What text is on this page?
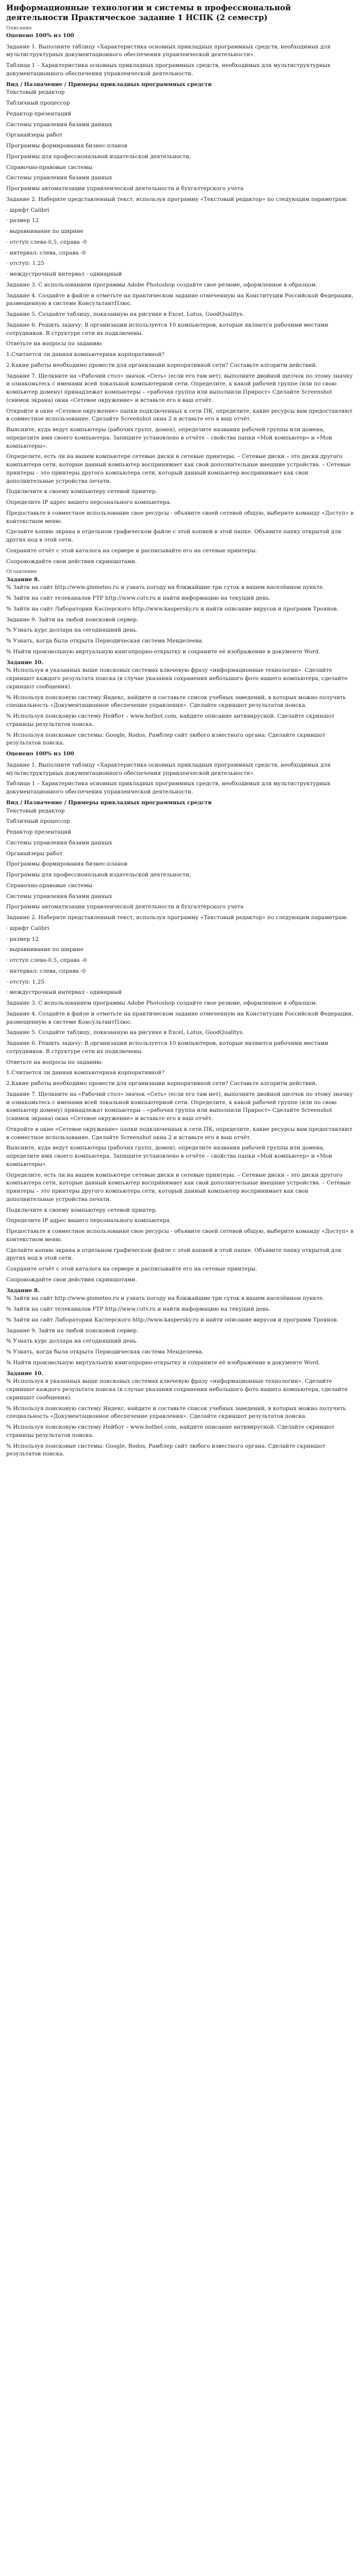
Информационные технологии и системы в профессиональной деятельности Практическое задание 1 НСПК (2 семестр)
Описание
Оценено 100% из 100

Задание 1. Выполните таблицу «Характеристика основных прикладных программных средств, необходимых для мультиструктурных документационного обеспечения управленческой деятельности».

Таблица 1 – Характеристика основных прикладных программных средств, необходимых для мультиструктурных документационного обеспечения управленческой деятельности.

Вид / Назначение / Примеры прикладных программных средств

Текстовый редактор

Табличный процессор

Редактор презентаций

Системы управления базами данных

Органайзеры работ

Программы формирования бизнес-планов

Программы для профессиональной издательской деятельности,

Справочно-правовые системы

Системы управления базами данных

Программы автоматизации управленческой деятельности и бухгалтерского учета

Задание 2. Наберите представленный текст, используя программу «Текстовый редактор» по следующим параметрам:

· шрифт Calibri

· размер 12

· выравнивание по ширине

· отступ слева-0,5, справа -0

· интервал: слева, справа -0

· отступ: 1,25

· междустрочный интервал - одинарный

Задание 3. С использованием программы Adobe Photoshop создайте свое резюме, оформленное в образцом.

Задание 4. Создайте в файле и отметьте на практическом задание отмеченную на Конституции Российской Федерации, размещенную в системе КонсультантПлюс.

Задание 5. Создайте таблицу, показанную на рисунке в Excel, Lotus, GoodQualitys.

Задание 6. Решить задачу: В организации используется 10 компьютеров, которые являются рабочими местами сотрудников. В структуре сети их подключены.

Ответьте на вопросы по заданию:

1.Считается ли данная компьютерная корпоративной?

2.Какие работы необходимо провести для организации корпоративной сети? Составьте алгоритм действий.

Задание 7. Щелкните на «Рабочий стол» значок «Сеть» (если его там нет), выполните двойной щелчок по этому значку и ознакомьтесь с именами всей локальной компьютерной сети. Определите, к какой рабочей группе (или по свою компьютер домену) принадлежат компьютеры – «рабочая группа или выполнили Прирост» Сделайте Screenshot (снимок экрана) окна «Сетевое окружение» и вставьте его в ваш отчёт.

Откройте в окне «Сетевое окружение» папки подключенных к сети ПК, определите, какие ресурсы вам предоставляют в совместное использование. Сделайте Screenshot окна 2 и вставьте его в ваш отчёт.

Выясните, куда ведут компьютеры (рабочих групп, домен), определите названия рабочей группы или домена, определите имя своего компьютера. Запишите установлено в отчёте – свойства папки «Мой компьютер» и «Мои компьютеры».

Определите, есть ли на вашем компьютере сетевые диски и сетевые принтеры. – Сетевые диски – это диски другого компьютера сети, которые данный компьютер воспринимает как свой дополнительные внешние устройства. – Сетевые принтеры – это принтеры другого компьютера сети, который данный компьютер воспринимает как свои дополнительные устройства печати.

Подключите к своему компьютеру сетевой принтер.

Определите IP адрес вашего персонального компьютера.

Предоставьте в совместное использование свое ресурсы - объявите своей сетевой общую, выберите команду «Доступ» в контекстном меню.

Сделайте копию экрана в отдельном графическом файле с этой копией в этой папке. Объявите папку открытой для других нод в этой сети.

Сохраните отчёт с этой каталога на сервере и расписывайте его на сетевые принтеры.

Сопровождайте свои действия скриншотами.

Оглавление
Задание 8.

% Зайти на сайт http://www.gismeteo.ru и узнать погоду на ближайшие три суток в вашем населённом пункте.

% Зайти на сайт телеканалов FTP http://www.cutv.ru и найти информацию на текущий день.

% Зайти на сайт Лаборатории Касперского http://www.kaspersky.ru и найти описание вирусов и программ Троянов.

Задание 9. Зайти на любой поисковой сервер.

% Узнать курс доллара на сегодняшний день.

% Узнать, когда была открыта Периодическая система Менделеева.

% Найти произвольную виртуальную книгопрорно-открытку и сохраните её изображение в документе Word.

Задание 10.

% Используя в указанных выше поисковых системах ключевую фразу «информационные технологии». Сделайте скриншот каждого результата поиска (в случае указания сохранения небольшого фото нашего компьютера, сделайте скриншот сообщения).

% Используя поисковую систему Яндекс, найдите и составьте список учебных заведений, в которых можно получить специальность «Документационное обеспечение управления». Сделайте скриншот результатов поиска.

% Используя поисковую систему Нейбот – www.hotbot.com, найдите описание антивирусной. Сделайте скриншот страницы результатов поиска.

% Используя поисковые системы: Google, Rodos, Рамблер сайт любого известного органа. Сделайте скриншот результатов поиска.

Оценено 100% из 100

Задание 1. Выполните таблицу «Характеристика основных прикладных программных средств, необходимых для мультиструктурных документационного обеспечения управленческой деятельности».

Таблица 1 – Характеристика основных прикладных программных средств, необходимых для мультиструктурных документационного обеспечения управленческой деятельности.

Вид / Назначение / Примеры прикладных программных средств

Текстовый редактор

Табличный процессор

Редактор презентаций

Системы управления базами данных

Органайзеры работ

Программы формирования бизнес-планов

Программы для профессиональной издательской деятельности,

Справочно-правовые системы

Системы управления базами данных

Программы автоматизации управленческой деятельности и бухгалтерского учета

Задание 2. Наберите представленный текст, используя программу «Текстовый редактор» по следующим параметрам:

· шрифт Calibri

· размер 12

· выравнивание по ширине

· отступ слева-0,5, справа -0

· интервал: слева, справа -0

· отступ: 1,25

· междустрочный интервал - одинарный

Задание 3. С использованием программы Adobe Photoshop создайте свое резюме, оформленное в образцом.

Задание 4. Создайте в файле и отметьте на практическом задание отмеченную на Конституции Российской Федерации, размещенную в системе КонсультантПлюс.

Задание 5. Создайте таблицу, показанную на рисунке в Excel, Lotus, GoodQualitys.

Задание 6. Решить задачу: В организации используется 10 компьютеров, которые являются рабочими местами сотрудников. В структуре сети их подключены.

Ответьте на вопросы по заданию:

1.Считается ли данная компьютерная корпоративной?

2.Какие работы необходимо провести для организации корпоративной сети? Составьте алгоритм действий.

Задание 7. Щелкните на «Рабочий стол» значок «Сеть» (если его там нет), выполните двойной щелчок по этому значку и ознакомьтесь с именами всей локальной компьютерной сети. Определите, к какой рабочей группе (или по свою компьютер домену) принадлежат компьютеры – «рабочая группа или выполнили Прирост» Сделайте Screenshot (снимок экрана) окна «Сетевое окружение» и вставьте его в ваш отчёт.

Откройте в окне «Сетевое окружение» папки подключенных к сети ПК, определите, какие ресурсы вам предоставляют в совместное использование. Сделайте Screenshot окна 2 и вставьте его в ваш отчёт.

Выясните, куда ведут компьютеры (рабочих групп, домен), определите названия рабочей группы или домена, определите имя своего компьютера. Запишите установлено в отчёте – свойства папки «Мой компьютер» и «Мои компьютеры».

Определите, есть ли на вашем компьютере сетевые диски и сетевые принтеры. – Сетевые диски – это диски другого компьютера сети, которые данный компьютер воспринимает как свой дополнительные внешние устройства. – Сетевые принтеры – это принтеры другого компьютера сети, который данный компьютер воспринимает как свои дополнительные устройства печати.

Подключите к своему компьютеру сетевой принтер.

Определите IP адрес вашего персонального компьютера.

Предоставьте в совместное использование свое ресурсы - объявите своей сетевой общую, выберите команду «Доступ» в контекстном меню.

Сделайте копию экрана в отдельном графическом файле с этой копией в этой папке. Объявите папку открытой для других нод в этой сети.

Сохраните отчёт с этой каталога на сервере и расписывайте его на сетевые принтеры.

Сопровождайте свои действия скриншотами.

Задание 8.

% Зайти на сайт http://www.gismeteo.ru и узнать погоду на ближайшие три суток в вашем населённом пункте.

% Зайти на сайт телеканалов FTP http://www.cutv.ru и найти информацию на текущий день.

% Зайти на сайт Лаборатории Касперского http://www.kaspersky.ru и найти описание вирусов и программ Троянов.

Задание 9. Зайти на любой поисковой сервер.

% Узнать курс доллара на сегодняшний день.

% Узнать, когда была открыта Периодическая система Менделеева.

% Найти произвольную виртуальную книгопрорно-открытку и сохраните её изображение в документе Word.

Задание 10.

% Используя в указанных выше поисковых системах ключевую фразу «информационные технологии». Сделайте скриншот каждого результата поиска (в случае указания сохранения небольшого фото нашего компьютера, сделайте скриншот сообщения).

% Используя поисковую систему Яндекс, найдите и составьте список учебных заведений, в которых можно получить специальность «Документационное обеспечение управления». Сделайте скриншот результатов поиска.

% Используя поисковую систему Нейбот – www.hotbot.com, найдите описание антивирусной. Сделайте скриншот страницы результатов поиска.

% Используя поисковые системы: Google, Rodos, Рамблер сайт любого известного органа. Сделайте скриншот результатов поиска.
